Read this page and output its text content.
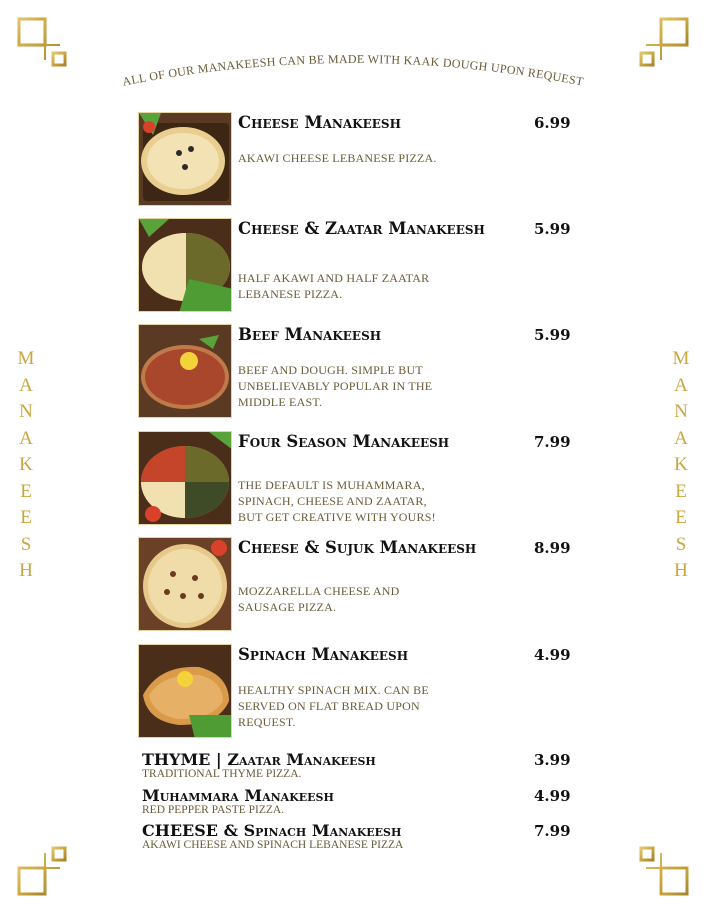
ALL OF OUR MANAKEESH CAN BE MADE WITH KAAK DOUGH UPON REQUEST
M
A
N
A
K
E
E
S
H
M
A
N
A
K
E
E
S
H
Cheese Manakeesh	6.99
AKAWI CHEESE LEBANESE PIZZA.
Cheese & Zaatar Manakeesh	5.99
HALF AKAWI AND HALF ZAATAR LEBANESE PIZZA.
Beef Manakeesh	5.99
BEEF AND DOUGH. SIMPLE BUT UNBELIEVABLY POPULAR IN THE MIDDLE EAST.
Four Season Manakeesh	7.99
THE DEFAULT IS MUHAMMARA, SPINACH, CHEESE AND ZAATAR, BUT GET CREATIVE WITH YOURS!
Cheese & Sujuk Manakeesh	8.99
MOZZARELLA CHEESE AND SAUSAGE PIZZA.
Spinach Manakeesh	4.99
HEALTHY SPINACH MIX. CAN BE SERVED ON FLAT BREAD UPON REQUEST.
THYME | Zaatar Manakeesh	3.99
TRADITIONAL THYME PIZZA.
Muhammara Manakeesh	4.99
RED PEPPER PASTE PIZZA.
CHEESE & Spinach Manakeesh	7.99
AKAWI CHEESE AND SPINACH LEBANESE PIZZA
